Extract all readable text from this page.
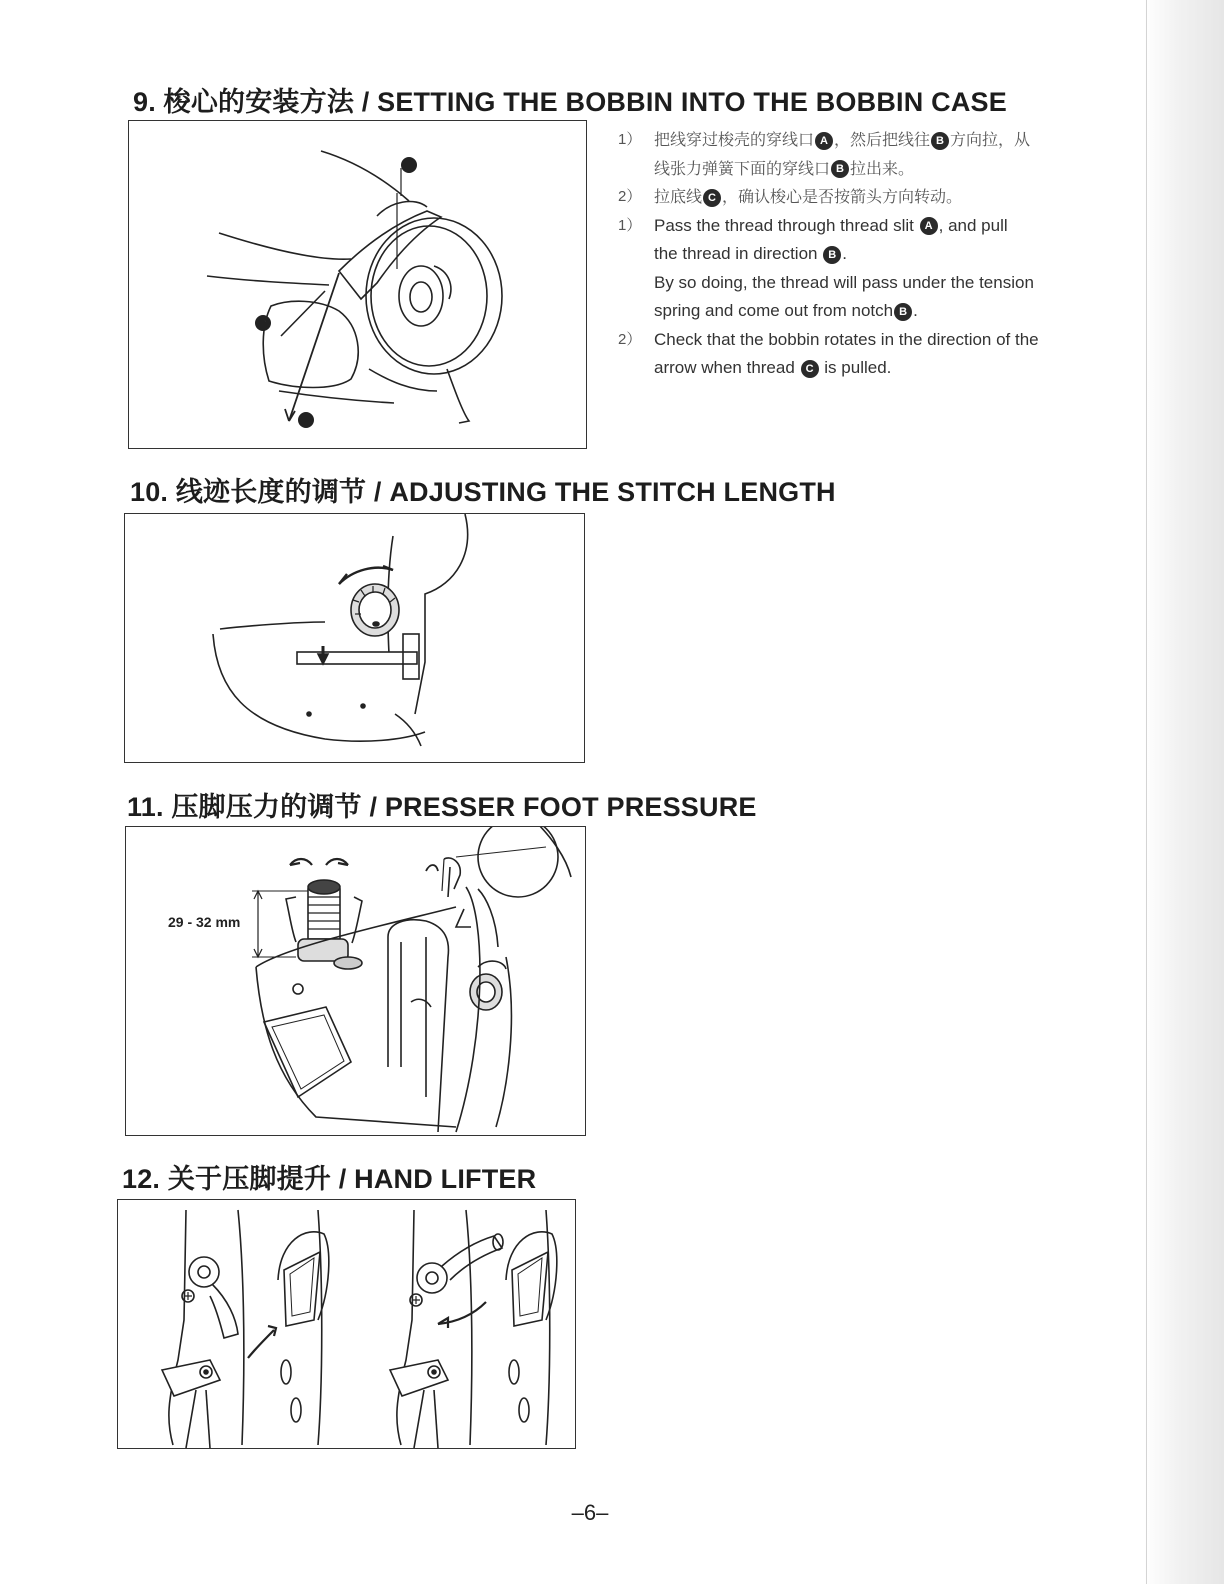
9. 梭心的安装方法 / SETTING THE BOBBIN INTO THE BOBBIN CASE
A
B
C
1） 把线穿过梭壳的穿线口 A ，然后把线往 B 方向拉，从
线张力弹簧下面的穿线口 B 拉出来。
2） 拉底线 C ，确认梭心是否按箭头方向转动。
1） Pass the thread through thread slit A , and pull
the thread in direction B .
By so doing, the thread will pass under the tension
spring and come out from notch B .
2） Check that the bobbin rotates in the direction of the
arrow when thread C is pulled.
10. 线迹长度的调节 / ADJUSTING THE STITCH LENGTH
11. 压脚压力的调节 / PRESSER FOOT PRESSURE
29 - 32 mm
12. 关于压脚提升 / HAND LIFTER
–6–
